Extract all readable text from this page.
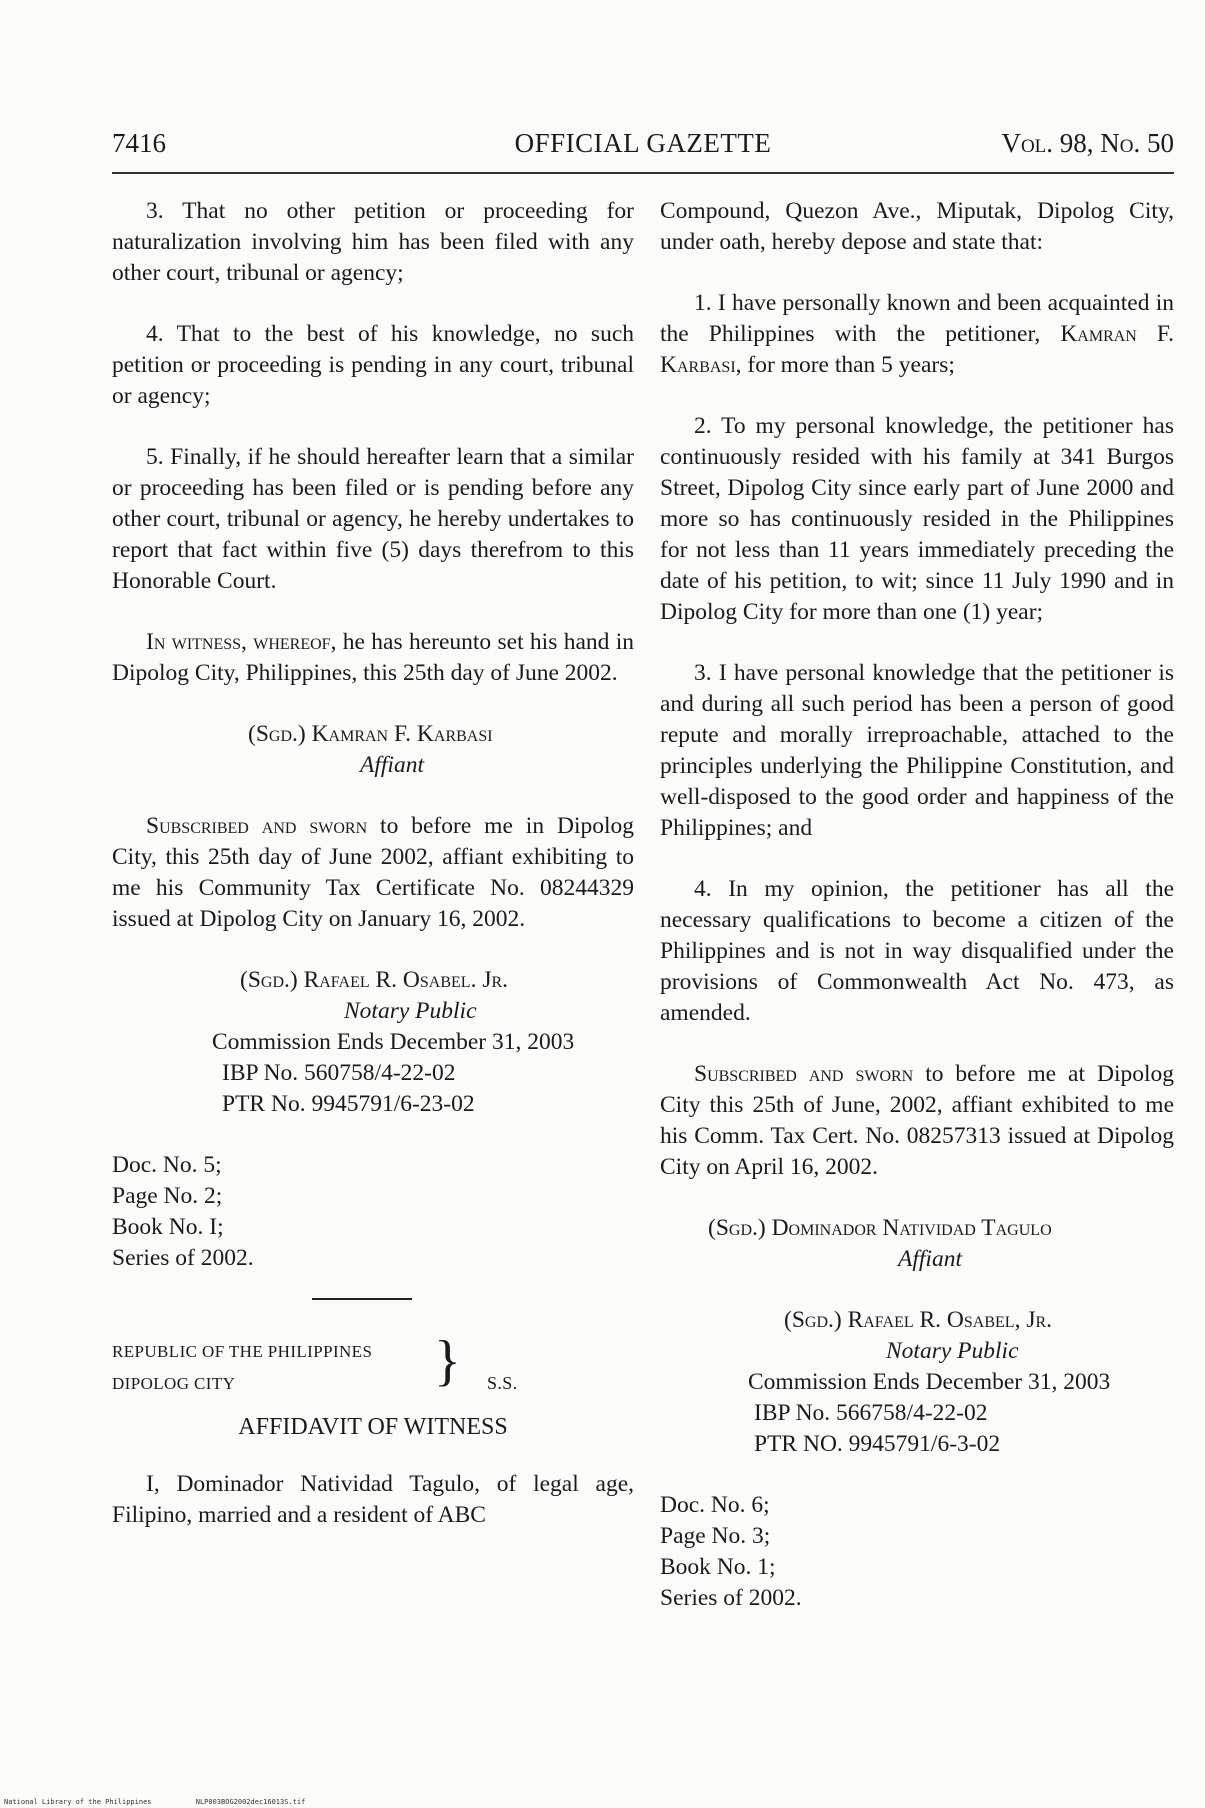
7416	OFFICIAL GAZETTE	Vol. 98, No. 50

3. That no other petition or proceeding for naturalization involving him has been filed with any other court, tribunal or agency;

4. That to the best of his knowledge, no such petition or proceeding is pending in any court, tribunal or agency;

5. Finally, if he should hereafter learn that a similar or proceeding has been filed or is pending before any other court, tribunal or agency, he hereby undertakes to report that fact within five (5) days therefrom to this Honorable Court.

In witness, whereof, he has hereunto set his hand in Dipolog City, Philippines, this 25th day of June 2002.

(Sgd.) Kamran F. Karbasi
Affiant

Subscribed and sworn to before me in Dipolog City, this 25th day of June 2002, affiant exhibiting to me his Community Tax Certificate No. 08244329 issued at Dipolog City on January 16, 2002.

(Sgd.) Rafael R. Osabel. Jr.
Notary Public
Commission Ends December 31, 2003
IBP No. 560758/4-22-02
PTR No. 9945791/6-23-02
Doc. No. 5;
Page No. 2;
Book No. I;
Series of 2002.
REPUBLIC OF THE PHILIPPINES
DIPOLOG CITY	} S.S.
AFFIDAVIT OF WITNESS

I, Dominador Natividad Tagulo, of legal age, Filipino, married and a resident of ABC

Compound, Quezon Ave., Miputak, Dipolog City, under oath, hereby depose and state that:

1. I have personally known and been acquainted in the Philippines with the petitioner, Kamran F. Karbasi, for more than 5 years;

2. To my personal knowledge, the petitioner has continuously resided with his family at 341 Burgos Street, Dipolog City since early part of June 2000 and more so has continuously resided in the Philippines for not less than 11 years immediately preceding the date of his petition, to wit; since 11 July 1990 and in Dipolog City for more than one (1) year;

3. I have personal knowledge that the petitioner is and during all such period has been a person of good repute and morally irreproachable, attached to the principles underlying the Philippine Constitution, and well-disposed to the good order and happiness of the Philippines; and

4. In my opinion, the petitioner has all the necessary qualifications to become a citizen of the Philippines and is not in way disqualified under the provisions of Commonwealth Act No. 473, as amended.

Subscribed and sworn to before me at Dipolog City this 25th of June, 2002, affiant exhibited to me his Comm. Tax Cert. No. 08257313 issued at Dipolog City on April 16, 2002.

(Sgd.) Dominador Natividad Tagulo
Affiant
(Sgd.) Rafael R. Osabel, Jr.
Notary Public
Commission Ends December 31, 2003
IBP No. 566758/4-22-02
PTR NO. 9945791/6-3-02
Doc. No. 6;
Page No. 3;
Book No. 1;
Series of 2002.
National Library of the Philippines	NLP003BOG2002dec16013S.tif
